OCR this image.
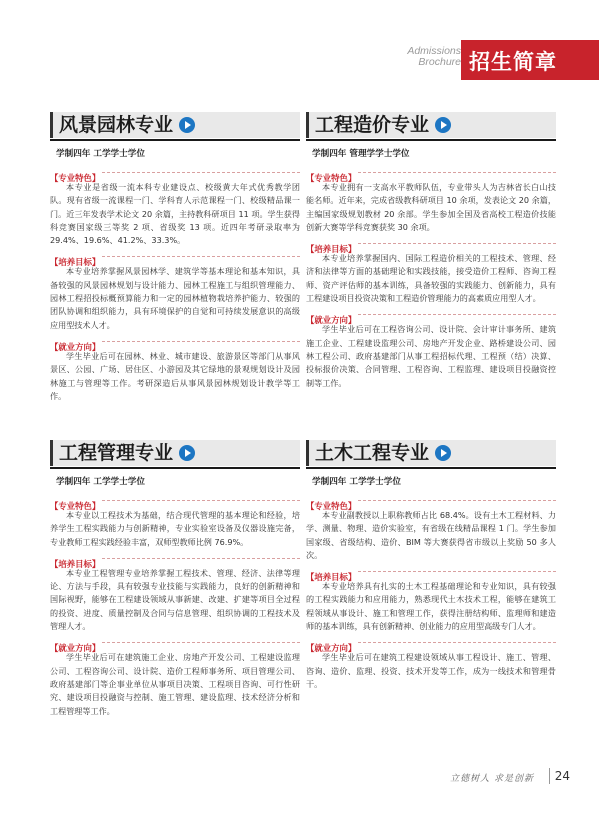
Admissions
Brochure 招生简章
风景园林专业
学制四年 工学学士学位
【专业特色】

本专业是省级一流本科专业建设点、校级黄大年式优秀教学团队。现有省级一流课程一门、学科育人示范课程一门、校级精品课一门。近三年发表学术论文 20 余篇，主持教科研项目 11 项。学生获得科竞赛国家级三等奖 2 项、省级奖 13 项。近四年考研录取率为 29.4%、19.6%、41.2%、33.3%。

【培养目标】

本专业培养掌握风景园林学、建筑学等基本理论和基本知识，具备较强的风景园林规划与设计能力、园林工程施工与组织管理能力、园林工程招投标概预算能力和一定的园林植物栽培养护能力、较强的团队协调和组织能力，具有环境保护的自觉和可持续发展意识的高级应用型技术人才。

【就业方向】

学生毕业后可在园林、林业、城市建设、旅游景区等部门从事风景区、公园、广场、居住区、小游园及其它绿地的景观规划设计及园林施工与管理等工作。考研深造后从事风景园林规划设计教学等工作。

工程造价专业
学制四年 管理学学士学位
【专业特色】

本专业拥有一支高水平教师队伍，专业带头人为吉林省长白山技能名师。近年来，完成省级教科研项目 10 余项，发表论文 20 余篇，主编国家级规划教材 20 余部。学生参加全国及省高校工程造价技能创新大赛等学科竞赛获奖 30 余项。

【培养目标】

本专业培养掌握国内、国际工程造价相关的工程技术、管理、经济和法律等方面的基础理论和实践技能，接受造价工程师、咨询工程师、资产评估师的基本训练，具备较强的实践能力、创新能力，具有工程建设项目投资决策和工程造价管理能力的高素质应用型人才。

【就业方向】

学生毕业后可在工程咨询公司、设计院、会计审计事务所、建筑施工企业、工程建设监理公司、房地产开发企业、路桥建设公司、园林工程公司、政府基建部门从事工程招标代理、工程预（结）决算、投标报价决策、合同管理、工程咨询、工程监理、建设项目投融资控制等工作。

工程管理专业
学制四年 工学学士学位
【专业特色】

本专业以工程技术为基础，结合现代管理的基本理论和经验，培养学生工程实践能力与创新精神，专业实验室设备及仪器设施完备，专业教师工程实践经验丰富，双师型教师比例 76.9%。

【培养目标】

本专业工程管理专业培养掌握工程技术、管理、经济、法律等理论、方法与手段，具有较强专业技能与实践能力，良好的创新精神和国际视野，能够在工程建设领域从事新建、改建、扩建等项目全过程的投资、进度、质量控制及合同与信息管理、组织协调的工程技术及管理人才。

【就业方向】

学生毕业后可在建筑施工企业、房地产开发公司、工程建设监理公司、工程咨询公司、设计院、造价工程师事务所、项目管理公司、政府基建部门等企事业单位从事项目决策、工程项目咨询、可行性研究、建设项目投融资与控制、施工管理、建设监理、技术经济分析和工程管理等工作。

土木工程专业
学制四年 工学学士学位
【专业特色】

本专业副教授以上职称教师占比 68.4%。设有土木工程材料、力学、测量、物理、造价实验室，有省级在线精品课程 1 门。学生参加国家级、省级结构、造价、BIM 等大赛获得省市级以上奖励 50 多人次。

【培养目标】

本专业培养具有扎实的土木工程基础理论和专业知识，具有较强的工程实践能力和应用能力，熟悉现代土木技术工程，能够在建筑工程领域从事设计、施工和管理工作，获得注册结构师、监理师和建造师的基本训练，具有创新精神、创业能力的应用型高级专门人才。

【就业方向】

学生毕业后可在建筑工程建设领域从事工程设计、施工、管理、咨询、造价、监理、投资、技术开发等工作，成为一线技术和管理骨干。

立德树人 求是创新	24
